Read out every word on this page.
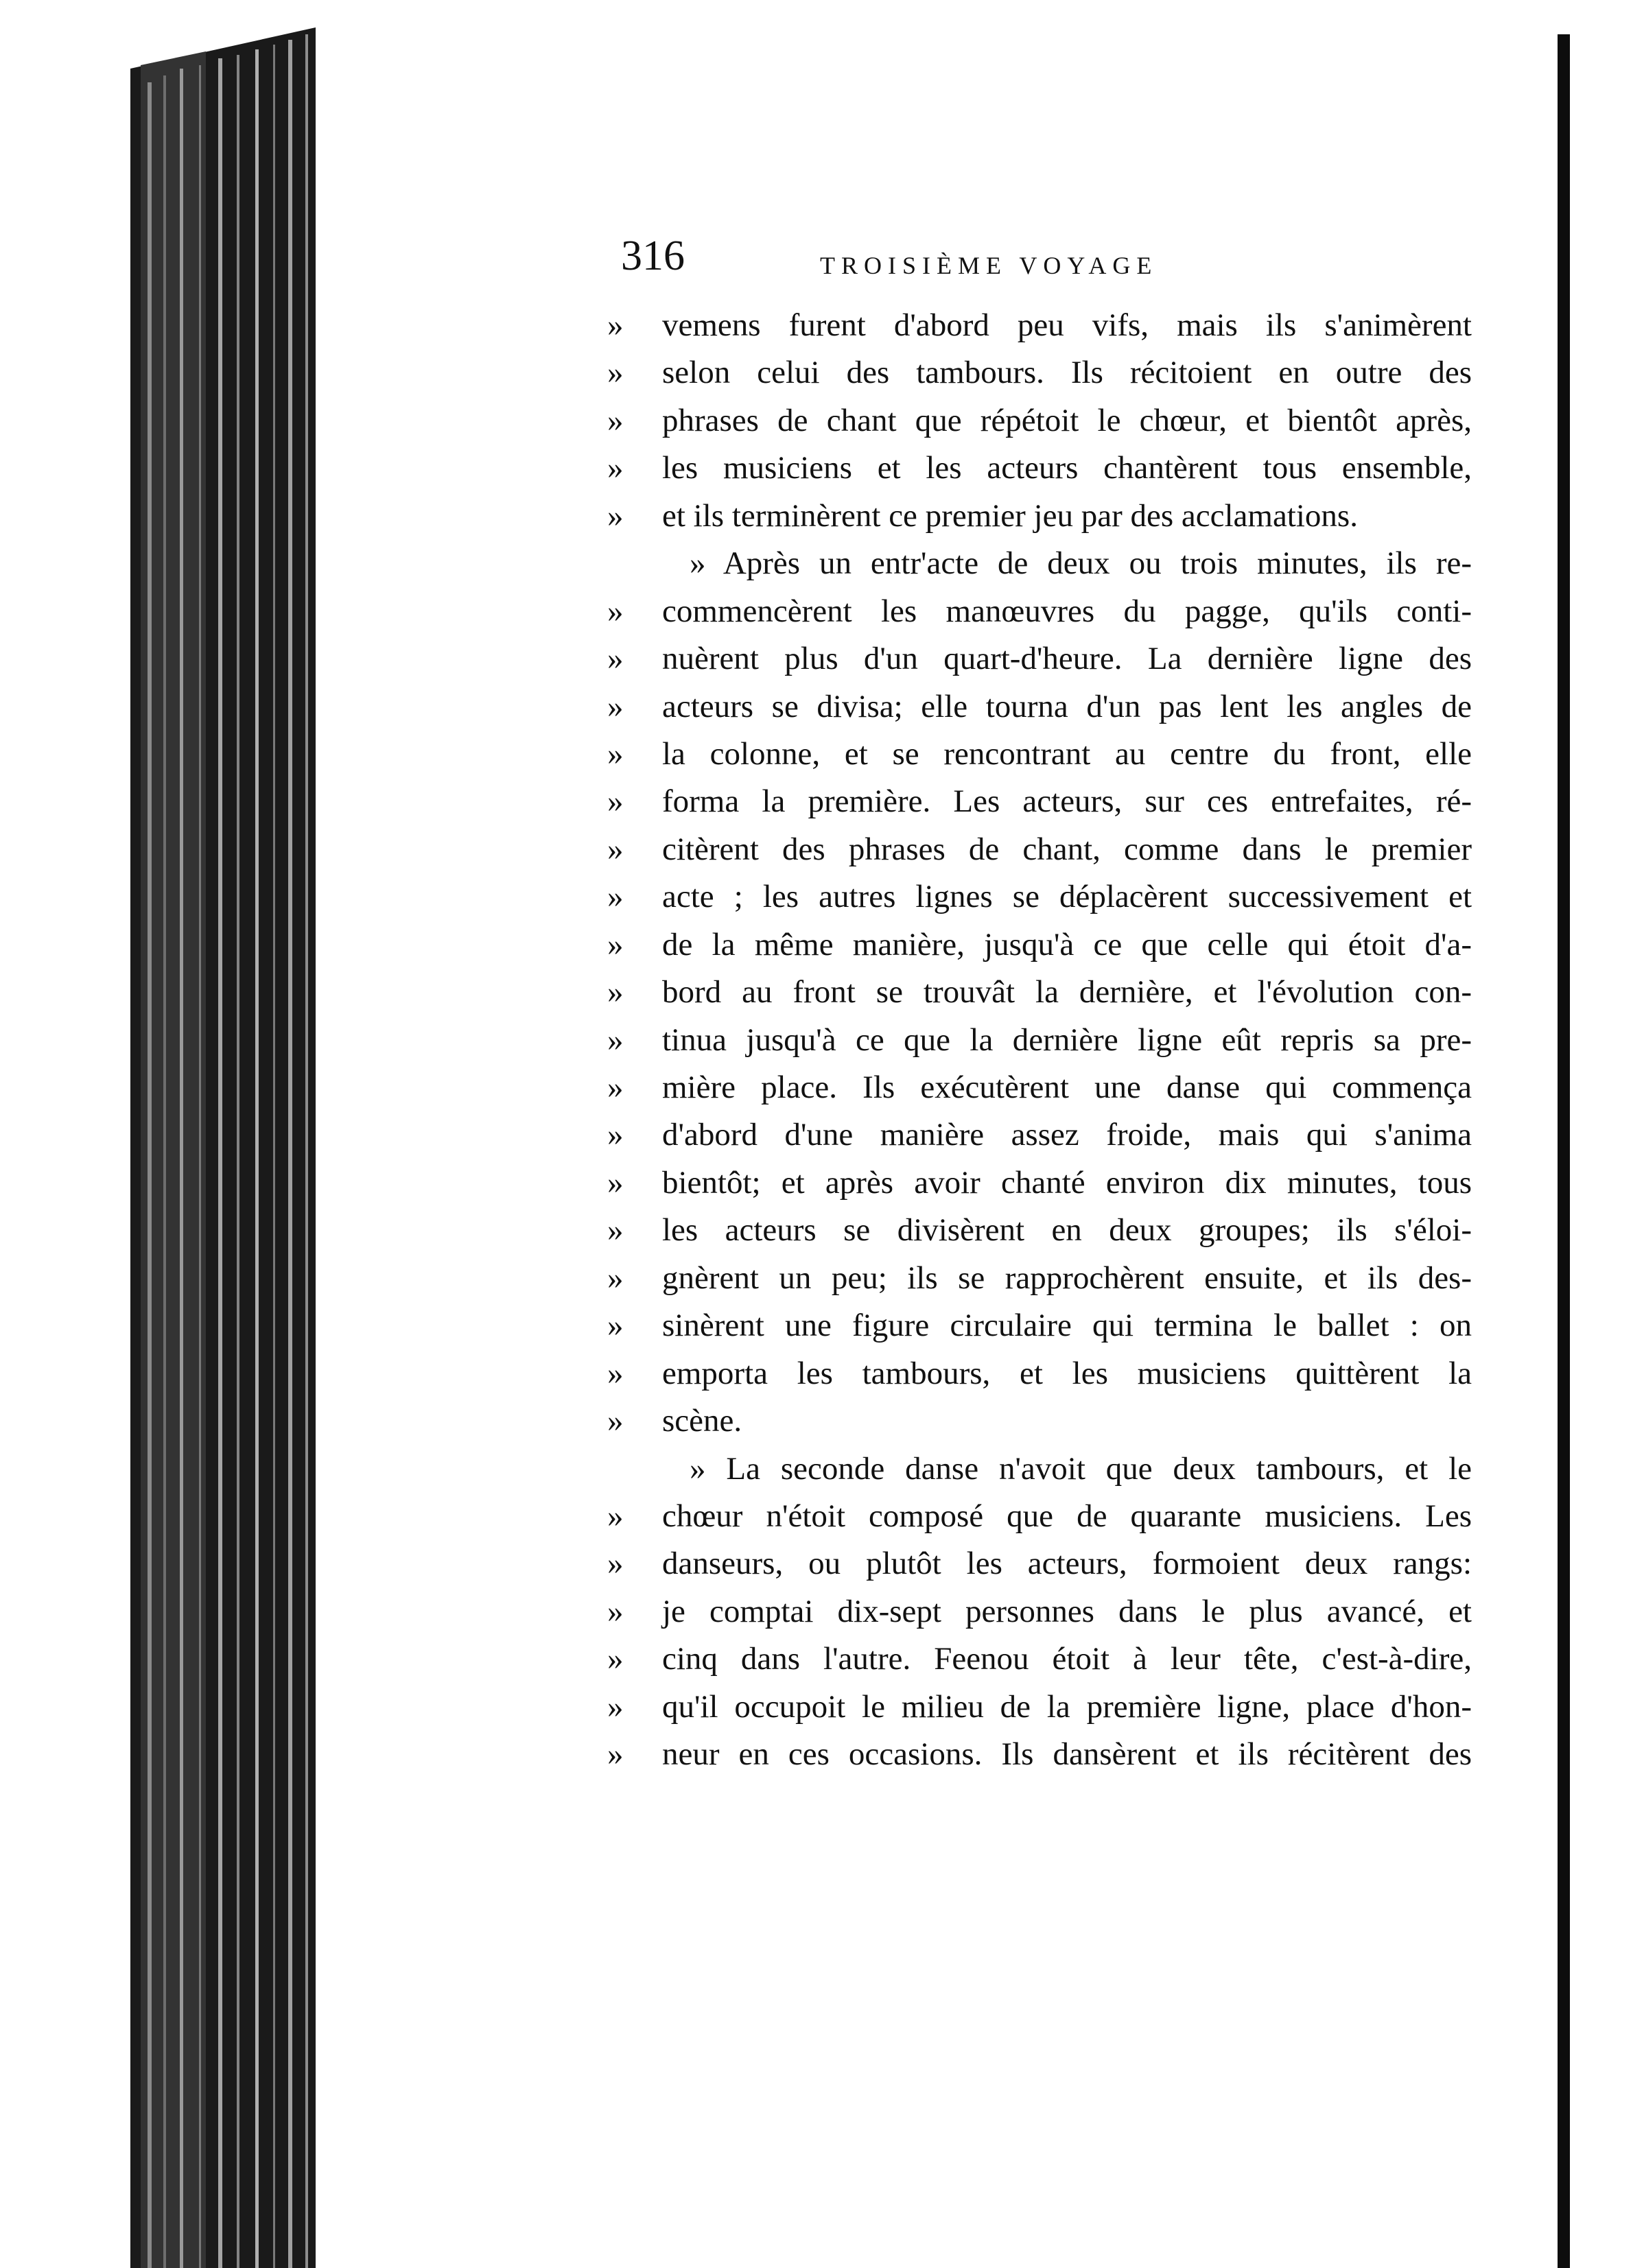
316	TROISIÈME VOYAGE
»	vemens furent d'abord peu vifs, mais ils s'animèrent
»	selon celui des tambours. Ils récitoient en outre des
»	phrases de chant que répétoit le chœur, et bientôt après,
»	les musiciens et les acteurs chantèrent tous ensemble,
»	et ils terminèrent ce premier jeu par des acclamations.
» Après un entr'acte de deux ou trois minutes, ils re-
»	commencèrent les manœuvres du pagge, qu'ils conti-
»	nuèrent plus d'un quart-d'heure. La dernière ligne des
»	acteurs se divisa; elle tourna d'un pas lent les angles de
»	la colonne, et se rencontrant au centre du front, elle
»	forma la première. Les acteurs, sur ces entrefaites, ré-
»	citèrent des phrases de chant, comme dans le premier
»	acte ; les autres lignes se déplacèrent successivement et
»	de la même manière, jusqu'à ce que celle qui étoit d'a-
»	bord au front se trouvât la dernière, et l'évolution con-
»	tinua jusqu'à ce que la dernière ligne eût repris sa pre-
»	mière place. Ils exécutèrent une danse qui commença
»	d'abord d'une manière assez froide, mais qui s'anima
»	bientôt; et après avoir chanté environ dix minutes, tous
»	les acteurs se divisèrent en deux groupes; ils s'éloi-
»	gnèrent un peu; ils se rapprochèrent ensuite, et ils des-
»	sinèrent une figure circulaire qui termina le ballet : on
»	emporta les tambours, et les musiciens quittèrent la
»	scène.
» La seconde danse n'avoit que deux tambours, et le
»	chœur n'étoit composé que de quarante musiciens. Les
»	danseurs, ou plutôt les acteurs, formoient deux rangs:
»	je comptai dix-sept personnes dans le plus avancé, et
»	cinq dans l'autre. Feenou étoit à leur tête, c'est-à-dire,
»	qu'il occupoit le milieu de la première ligne, place d'hon-
»	neur en ces occasions. Ils dansèrent et ils récitèrent des
